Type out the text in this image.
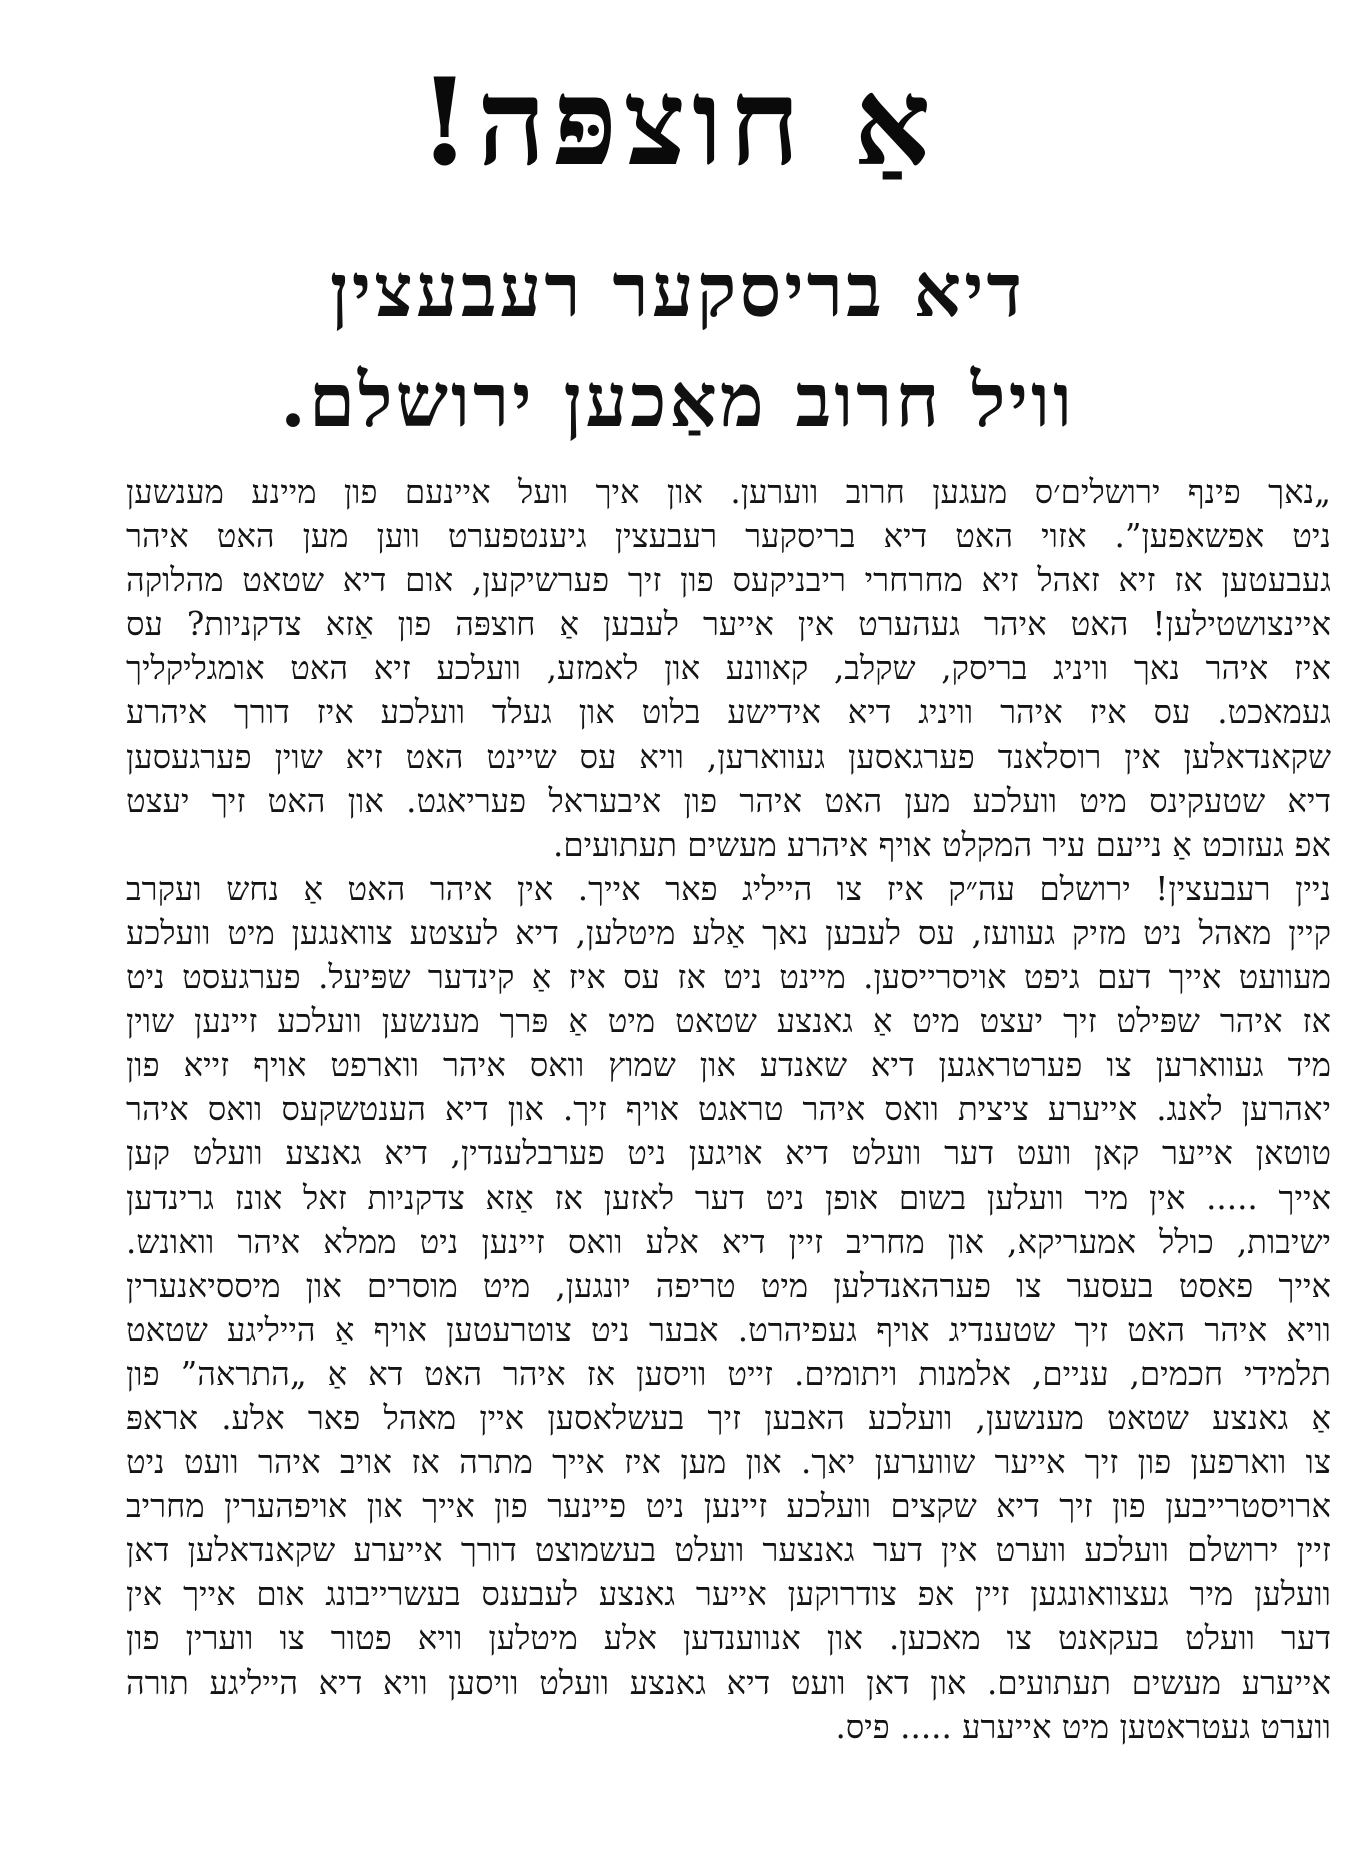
אַ חוצפּה!
דיא בריסקער רעבעצין
וויל חרוב מאַכען ירושלם.
„נאך פינף ירושלים׳ס מעגען חרוב ווערען. און איך וועל איינעם פון מיינע מענשען
ניט אפשאפען”. אזוי האט דיא בריסקער רעבעצין גיענטפערט ווען מען האט איהר
געבעטען אז זיא זאהל זיא מחרחרי ריבניקעס פון זיך פערשיקען, אום דיא שטאט מהלוקה
איינצושטילען! האט איהר געהערט אין אייער לעבען אַ חוצפּה פון אַזא צדקניות? עס
איז איהר נאך וויניג בריסק, שקלב, קאוונע און לאמזע, וועלכע זיא האט אומגליקליך
געמאכט. עס איז איהר וויניג דיא אידישע בלוט און געלד וועלכע איז דורך איהרע
שקאנדאלען אין רוסלאנד פערגאסען געווארען, וויא עס שיינט האט זיא שוין פערגעסען
דיא שטעקינס מיט וועלכע מען האט איהר פון איבעראל פעריאגט. און האט זיך יעצט
אפ געזוכט אַ נייעם עיר המקלט אויף איהרע מעשים תעתועים.
ניין רעבעצין! ירושלם עה״ק איז צו הייליג פאר אייך. אין איהר האט אַ נחש ועקרב
קיין מאהל ניט מזיק געוועז, עס לעבען נאך אַלע מיטלען, דיא לעצטע צוואנגען מיט וועלכע
מעוועט אייך דעם גיפט אויסרייסען. מיינט ניט אז עס איז אַ קינדער שפּיעל. פערגעסט ניט
אז איהר שפּילט זיך יעצט מיט אַ גאנצע שטאט מיט אַ פּרך מענשען וועלכע זיינען שוין
מיד געווארען צו פערטראגען דיא שאנדע און שמוץ וואס איהר ווארפט אויף זייא פון
יאהרען לאנג. אייערע ציצית וואס איהר טראגט אויף זיך. און דיא הענטשקעס וואס איהר
טוטאן אייער קאן וועט דער וועלט דיא אויגען ניט פערבלענדין, דיא גאנצע וועלט קען
אייך ..... אין מיר וועלען בשום אופן ניט דער לאזען אז אַזא צדקניות זאל אונז גרינדען
ישיבות, כולל אמעריקא, און מחריב זיין דיא אלע וואס זיינען ניט ממלא איהר וואונש.
אייך פאסט בעסער צו פערהאנדלען מיט טריפה יונגען, מיט מוסרים און מיססיאנערין
וויא איהר האט זיך שטענדיג אויף געפיהרט. אבער ניט צוטרעטען אויף אַ הייליגע שטאט
תלמידי חכמים, עניים, אלמנות ויתומים. זייט וויסען אז איהר האט דא אַ „התראה” פון
אַ גאנצע שטאט מענשען, וועלכע האבען זיך בעשלאסען איין מאהל פאר אלע. אראפּ
צו ווארפען פון זיך אייער שווערען יאך. און מען איז אייך מתרה אז אויב איהר וועט ניט
ארויסטרייבען פון זיך דיא שקצים וועלכע זיינען ניט פיינער פון אייך און אויפהערין מחריב
זיין ירושלם וועלכע ווערט אין דער גאנצער וועלט בעשמוצט דורך אייערע שקאנדאלען דאן
וועלען מיר געצוואונגען זיין אפ צודרוקען אייער גאנצע לעבענס בעשרייבונג אום אייך אין
דער וועלט בעקאנט צו מאכען. און אנווענדען אלע מיטלען וויא פטור צו ווערין פון
אייערע מעשים תעתועים. און דאן וועט דיא גאנצע וועלט וויסען וויא דיא הייליגע תורה
ווערט געטראטען מיט אייערע ..... פיס.
